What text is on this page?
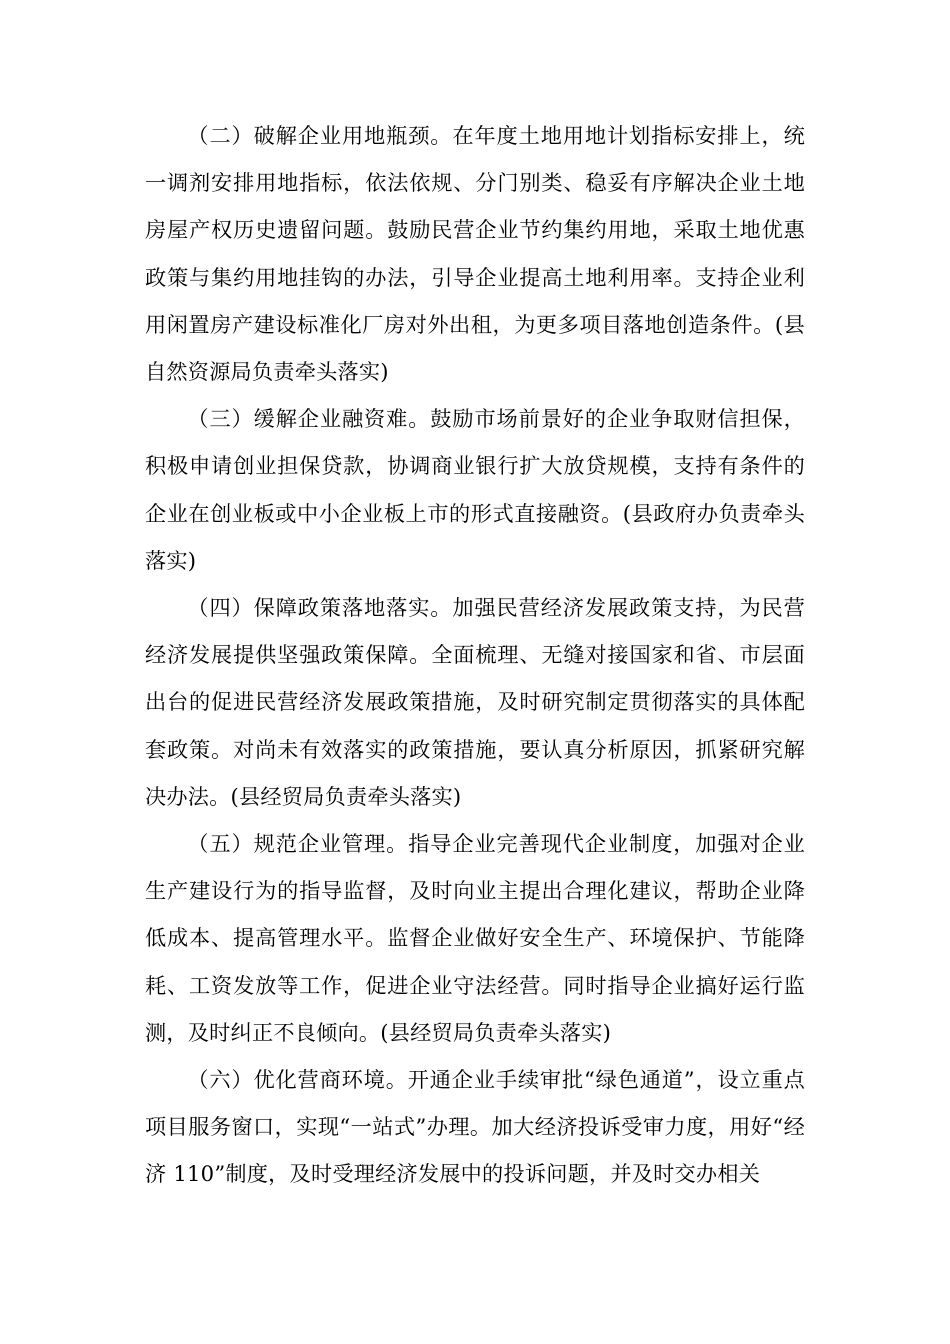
（二）破解企业用地瓶颈。在年度土地用地计划指标安排上，统一调剂安排用地指标，依法依规、分门别类、稳妥有序解决企业土地房屋产权历史遗留问题。鼓励民营企业节约集约用地，采取土地优惠政策与集约用地挂钩的办法，引导企业提高土地利用率。支持企业利用闲置房产建设标准化厂房对外出租，为更多项目落地创造条件。(县自然资源局负责牵头落实)

（三）缓解企业融资难。鼓励市场前景好的企业争取财信担保，积极申请创业担保贷款，协调商业银行扩大放贷规模，支持有条件的企业在创业板或中小企业板上市的形式直接融资。(县政府办负责牵头落实)

（四）保障政策落地落实。加强民营经济发展政策支持，为民营经济发展提供坚强政策保障。全面梳理、无缝对接国家和省、市层面出台的促进民营经济发展政策措施，及时研究制定贯彻落实的具体配套政策。对尚未有效落实的政策措施，要认真分析原因，抓紧研究解决办法。(县经贸局负责牵头落实)

（五）规范企业管理。指导企业完善现代企业制度，加强对企业生产建设行为的指导监督，及时向业主提出合理化建议，帮助企业降低成本、提高管理水平。监督企业做好安全生产、环境保护、节能降耗、工资发放等工作，促进企业守法经营。同时指导企业搞好运行监测，及时纠正不良倾向。(县经贸局负责牵头落实)

（六）优化营商环境。开通企业手续审批“绿色通道”，设立重点项目服务窗口，实现“一站式”办理。加大经济投诉受审力度，用好“经济 110”制度，及时受理经济发展中的投诉问题，并及时交办相关
